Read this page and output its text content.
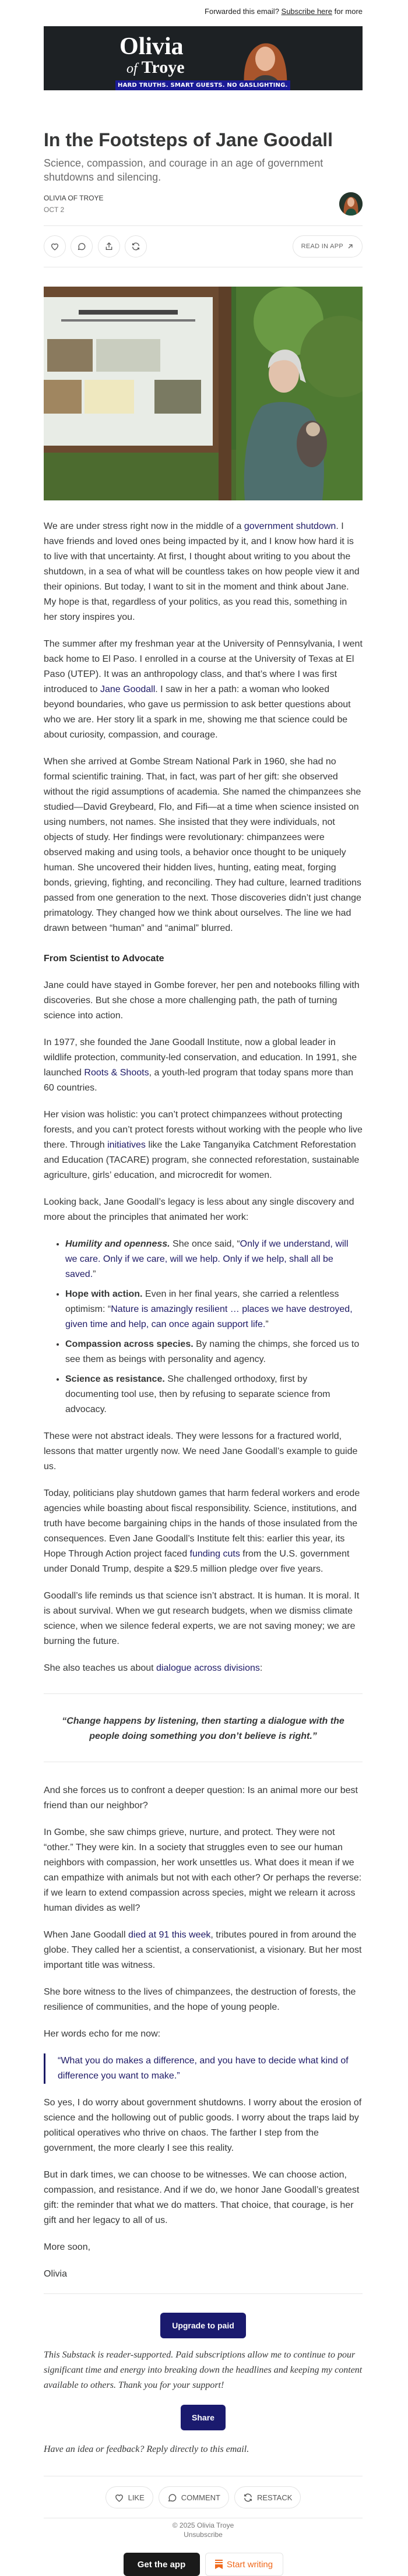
Forwarded this email? Subscribe here for more
Olivia
of Troye
HARD TRUTHS. SMART GUESTS. NO GASLIGHTING.
In the Footsteps of Jane Goodall
Science, compassion, and courage in an age of government shutdowns and silencing.
OLIVIA OF TROYE
OCT 2
READ IN APP

We are under stress right now in the middle of a government shutdown. I have friends and loved ones being impacted by it, and I know how hard it is to live with that uncertainty. At first, I thought about writing to you about the shutdown, in a sea of what will be countless takes on how people view it and their opinions. But today, I want to sit in the moment and think about Jane. My hope is that, regardless of your politics, as you read this, something in her story inspires you.

The summer after my freshman year at the University of Pennsylvania, I went back home to El Paso. I enrolled in a course at the University of Texas at El Paso (UTEP). It was an anthropology class, and that’s where I was first introduced to Jane Goodall. I saw in her a path: a woman who looked beyond boundaries, who gave us permission to ask better questions about who we are. Her story lit a spark in me, showing me that science could be about curiosity, compassion, and courage.

When she arrived at Gombe Stream National Park in 1960, she had no formal scientific training. That, in fact, was part of her gift: she observed without the rigid assumptions of academia. She named the chimpanzees she studied—David Greybeard, Flo, and Fifi—at a time when science insisted on using numbers, not names. She insisted that they were individuals, not objects of study. Her findings were revolutionary: chimpanzees were observed making and using tools, a behavior once thought to be uniquely human. She uncovered their hidden lives, hunting, eating meat, forging bonds, grieving, fighting, and reconciling. They had culture, learned traditions passed from one generation to the next. Those discoveries didn’t just change primatology. They changed how we think about ourselves. The line we had drawn between “human” and “animal” blurred.

From Scientist to Advocate

Jane could have stayed in Gombe forever, her pen and notebooks filling with discoveries. But she chose a more challenging path, the path of turning science into action.

In 1977, she founded the Jane Goodall Institute, now a global leader in wildlife protection, community-led conservation, and education. In 1991, she launched Roots & Shoots, a youth-led program that today spans more than 60 countries.

Her vision was holistic: you can’t protect chimpanzees without protecting forests, and you can’t protect forests without working with the people who live there. Through initiatives like the Lake Tanganyika Catchment Reforestation and Education (TACARE) program, she connected reforestation, sustainable agriculture, girls’ education, and microcredit for women.

Looking back, Jane Goodall’s legacy is less about any single discovery and more about the principles that animated her work:

• Humility and openness. She once said, “Only if we understand, will we care. Only if we care, will we help. Only if we help, shall all be saved.”
• Hope with action. Even in her final years, she carried a relentless optimism: “Nature is amazingly resilient … places we have destroyed, given time and help, can once again support life.”
• Compassion across species. By naming the chimps, she forced us to see them as beings with personality and agency.
• Science as resistance. She challenged orthodoxy, first by documenting tool use, then by refusing to separate science from advocacy.

These were not abstract ideals. They were lessons for a fractured world, lessons that matter urgently now. We need Jane Goodall’s example to guide us.

Today, politicians play shutdown games that harm federal workers and erode agencies while boasting about fiscal responsibility. Science, institutions, and truth have become bargaining chips in the hands of those insulated from the consequences. Even Jane Goodall’s Institute felt this: earlier this year, its Hope Through Action project faced funding cuts from the U.S. government under Donald Trump, despite a $29.5 million pledge over five years.

Goodall’s life reminds us that science isn’t abstract. It is human. It is moral. It is about survival. When we gut research budgets, when we dismiss climate science, when we silence federal experts, we are not saving money; we are burning the future.

She also teaches us about dialogue across divisions:

“Change happens by listening, then starting a dialogue with the people doing something you don’t believe is right.”

And she forces us to confront a deeper question: Is an animal more our best friend than our neighbor?

In Gombe, she saw chimps grieve, nurture, and protect. They were not “other.” They were kin. In a society that struggles even to see our human neighbors with compassion, her work unsettles us. What does it mean if we can empathize with animals but not with each other? Or perhaps the reverse: if we learn to extend compassion across species, might we relearn it across human divides as well?

When Jane Goodall died at 91 this week, tributes poured in from around the globe. They called her a scientist, a conservationist, a visionary. But her most important title was witness.

She bore witness to the lives of chimpanzees, the destruction of forests, the resilience of communities, and the hope of young people.

Her words echo for me now:

“What you do makes a difference, and you have to decide what kind of difference you want to make.”

So yes, I do worry about government shutdowns. I worry about the erosion of science and the hollowing out of public goods. I worry about the traps laid by political operatives who thrive on chaos. The farther I step from the government, the more clearly I see this reality.

But in dark times, we can choose to be witnesses. We can choose action, compassion, and resistance. And if we do, we honor Jane Goodall’s greatest gift: the reminder that what we do matters. That choice, that courage, is her gift and her legacy to all of us.

More soon,

Olivia

Upgrade to paid
This Substack is reader-supported. Paid subscriptions allow me to continue to pour significant time and energy into breaking down the headlines and keeping my content available to others. Thank you for your support!
Share
Have an idea or feedback? Reply directly to this email.
LIKE	COMMENT	RESTACK
© 2025 Olivia Troye
Unsubscribe
Get the app	Start writing
